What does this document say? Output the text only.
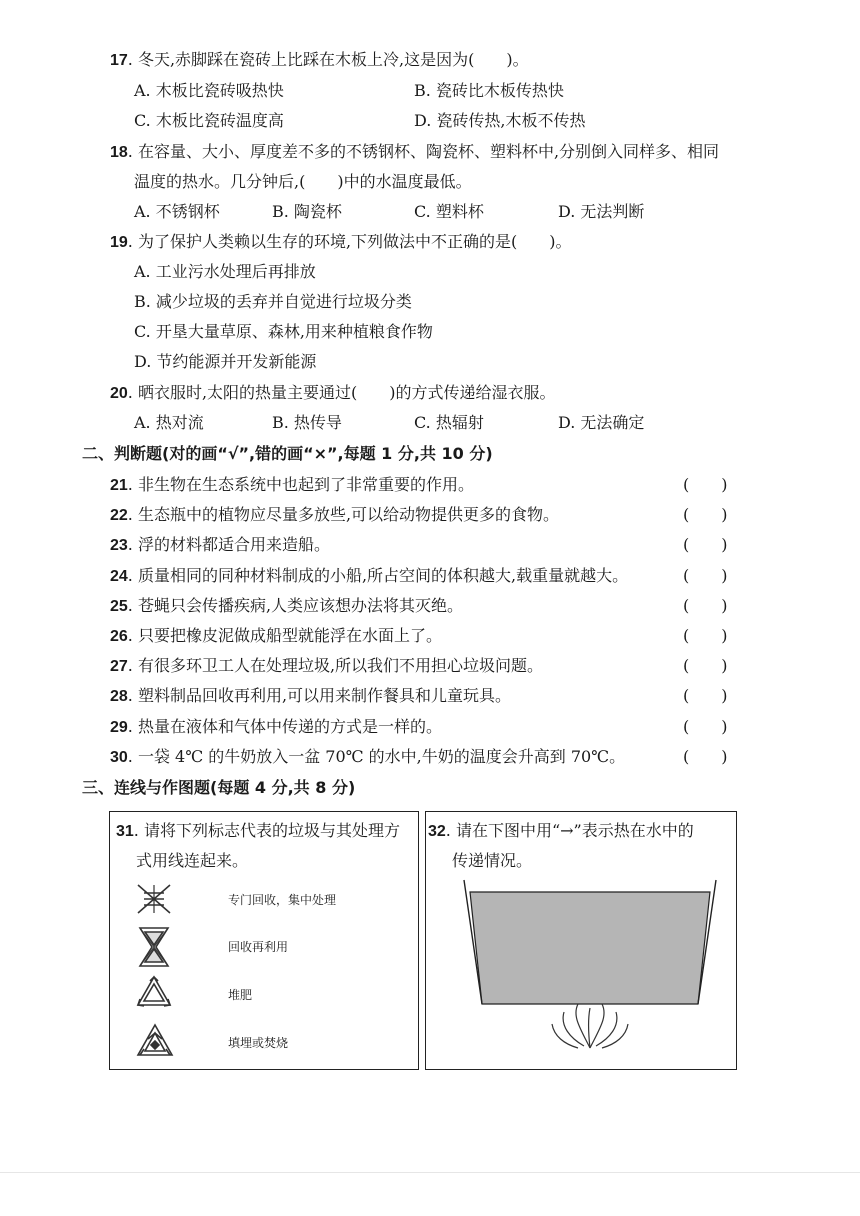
17. 冬天,赤脚踩在瓷砖上比踩在木板上冷,这是因为(　　)。
A. 木板比瓷砖吸热快	B. 瓷砖比木板传热快
C. 木板比瓷砖温度高	D. 瓷砖传热,木板不传热
18. 在容量、大小、厚度差不多的不锈钢杯、陶瓷杯、塑料杯中,分别倒入同样多、相同
温度的热水。几分钟后,(　　)中的水温度最低。
A. 不锈钢杯	B. 陶瓷杯	C. 塑料杯	D. 无法判断
19. 为了保护人类赖以生存的环境,下列做法中不正确的是(　　)。
A. 工业污水处理后再排放
B. 减少垃圾的丢弃并自觉进行垃圾分类
C. 开垦大量草原、森林,用来种植粮食作物
D. 节约能源并开发新能源
20. 晒衣服时,太阳的热量主要通过(　　)的方式传递给湿衣服。
A. 热对流	B. 热传导	C. 热辐射	D. 无法确定
二、判断题(对的画“√”,错的画“×”,每题 1 分,共 10 分)
21. 非生物在生态系统中也起到了非常重要的作用。	(　　)
22. 生态瓶中的植物应尽量多放些,可以给动物提供更多的食物。	(　　)
23. 浮的材料都适合用来造船。	(　　)
24. 质量相同的同种材料制成的小船,所占空间的体积越大,载重量就越大。	(　　)
25. 苍蝇只会传播疾病,人类应该想办法将其灭绝。	(　　)
26. 只要把橡皮泥做成船型就能浮在水面上了。	(　　)
27. 有很多环卫工人在处理垃圾,所以我们不用担心垃圾问题。	(　　)
28. 塑料制品回收再利用,可以用来制作餐具和儿童玩具。	(　　)
29. 热量在液体和气体中传递的方式是一样的。	(　　)
30. 一袋 4℃ 的牛奶放入一盆 70℃ 的水中,牛奶的温度会升高到 70℃。	(　　)
三、连线与作图题(每题 4 分,共 8 分)
31. 请将下列标志代表的垃圾与其处理方
式用线连起来。
专门回收，集中处理
回收再利用
堆肥
填埋或焚烧
32. 请在下图中用“→”表示热在水中的
传递情况。
